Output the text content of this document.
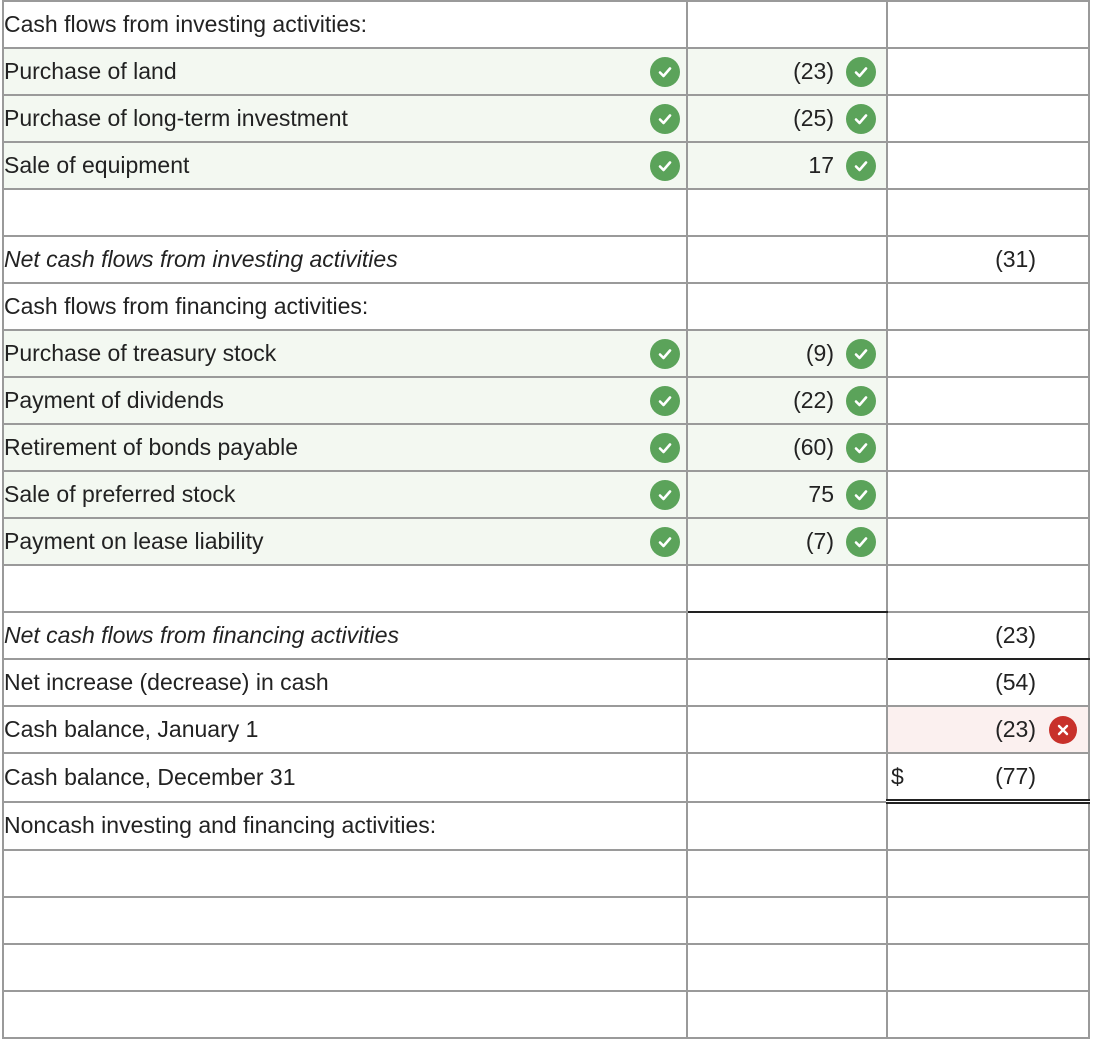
Cash flows from investing activities:		
Purchase of land	(23)

Purchase of long-term investment	(25)

Sale of equipment	17

Net cash flows from investing activities		(31)
Cash flows from financing activities:		
Purchase of treasury stock	(9)

Payment of dividends	(22)

Retirement of bonds payable	(60)

Sale of preferred stock	75

Payment on lease liability	(7)

Net cash flows from financing activities		(23)
Net increase (decrease) in cash		(54)
Cash balance, January 1		(23)

Cash balance, December 31		$ (77)
Noncash investing and financing activities:		
